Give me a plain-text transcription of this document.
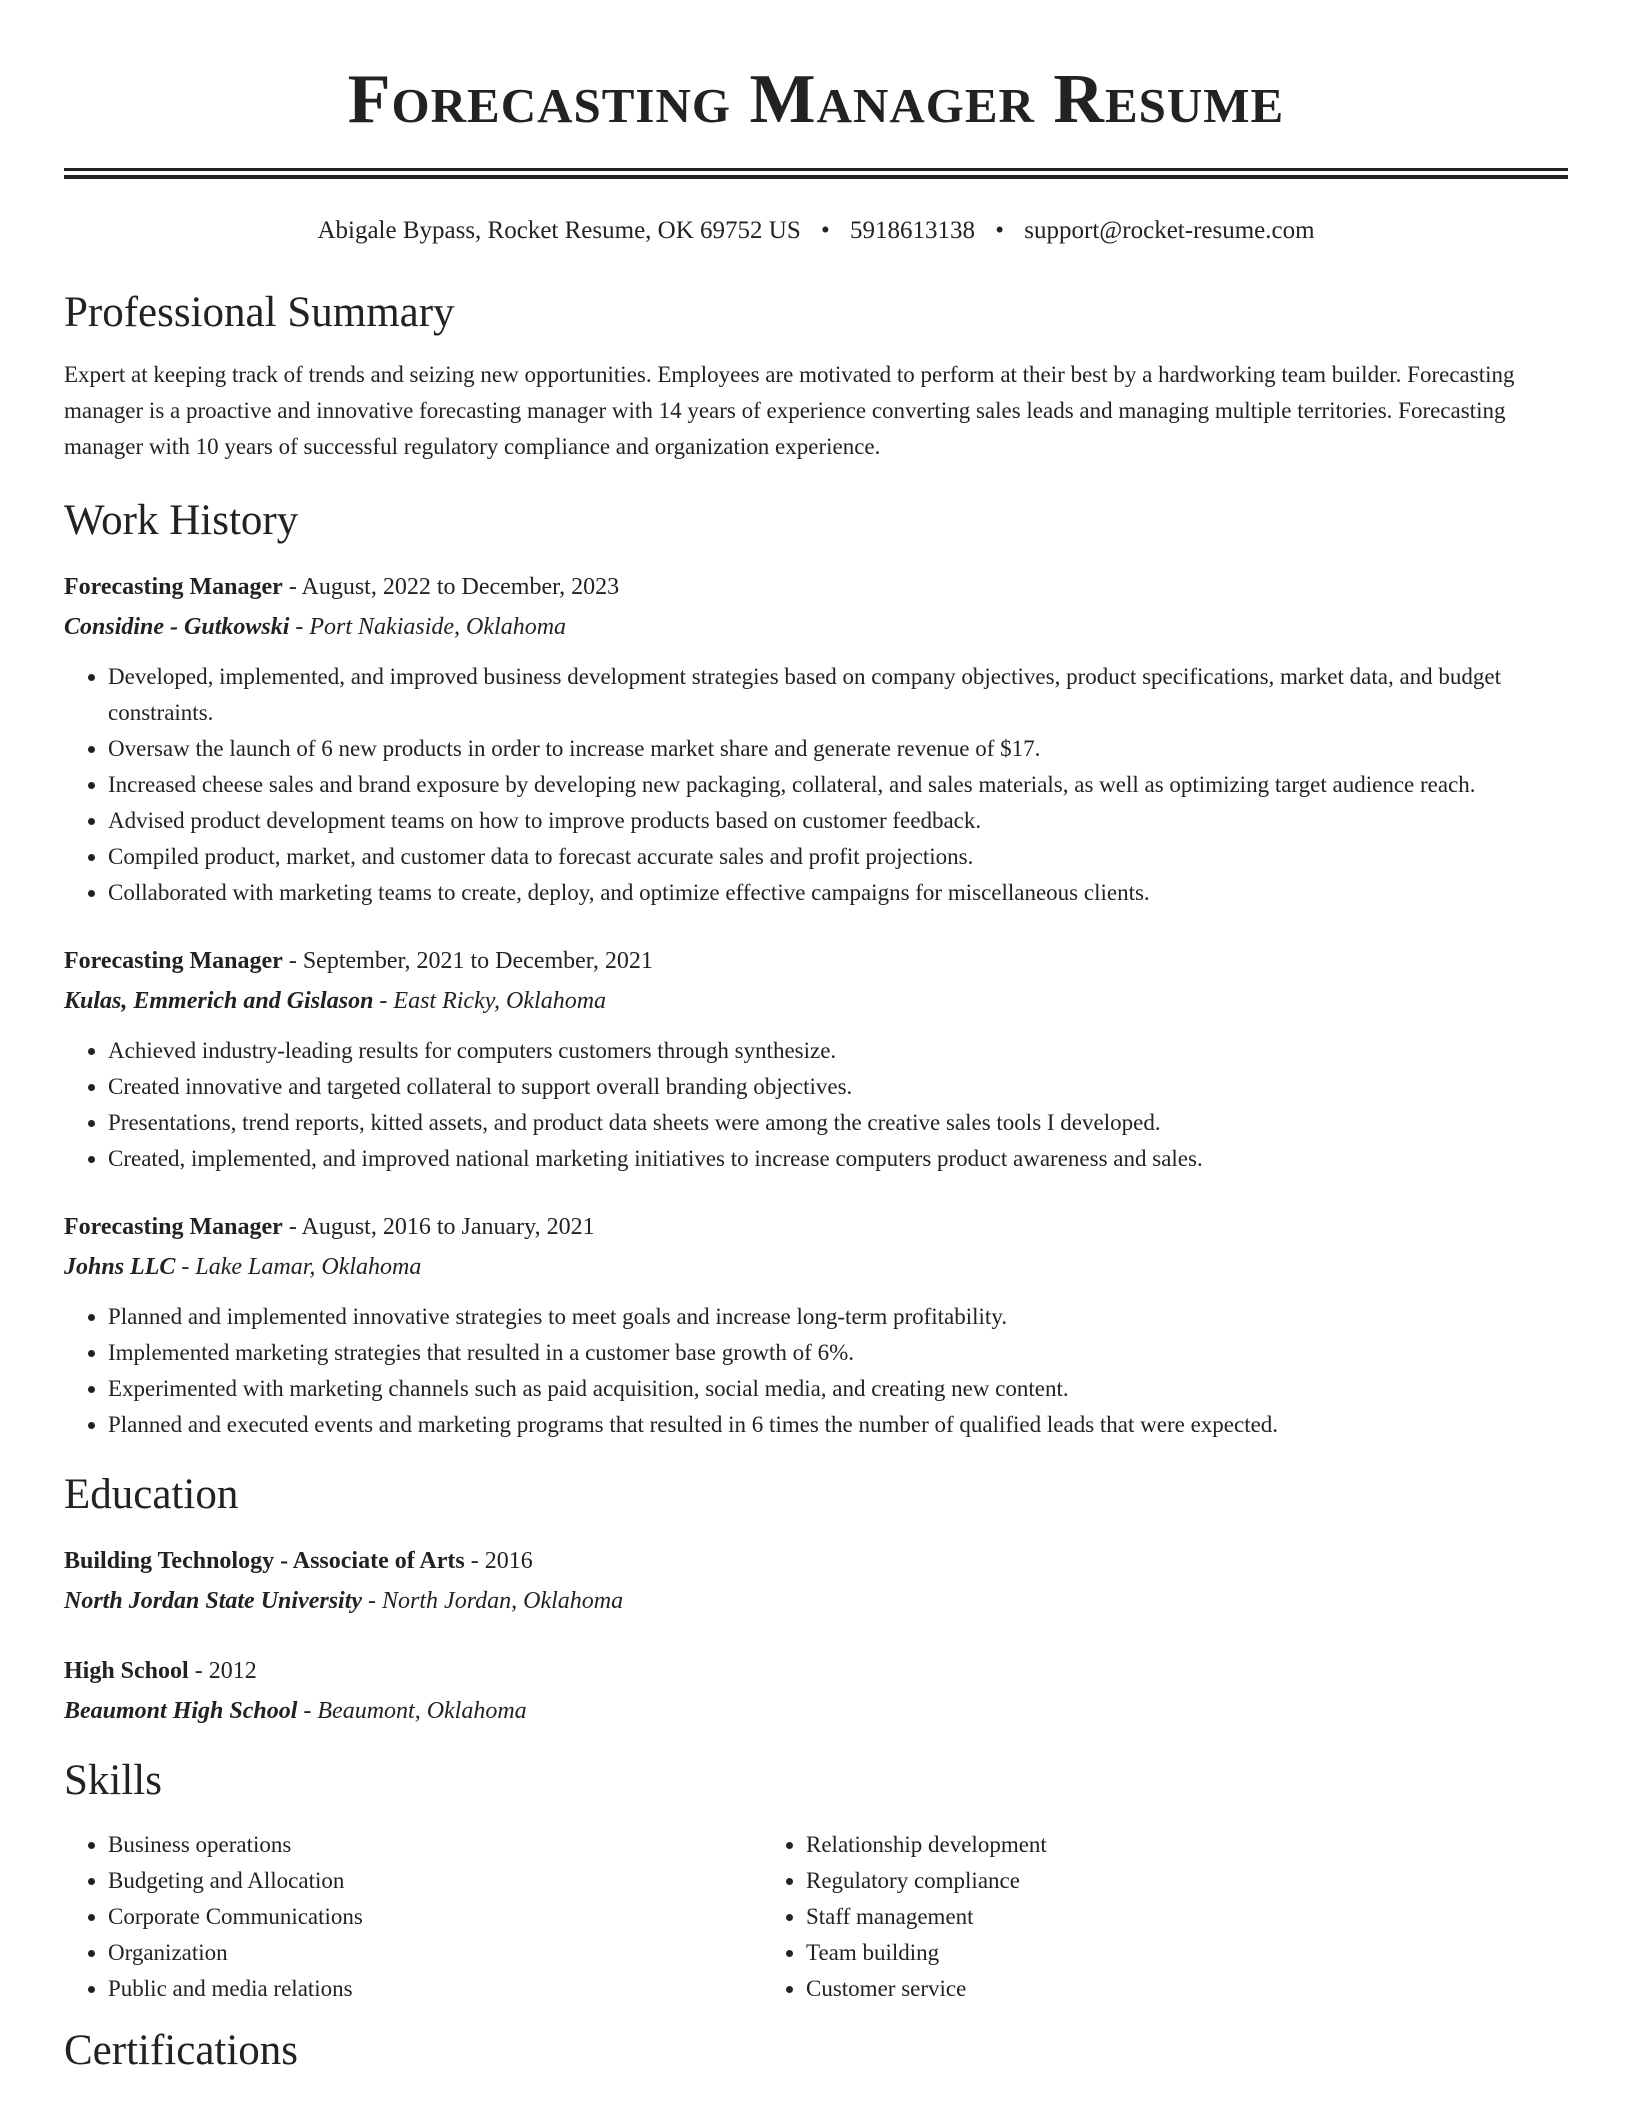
Forecasting Manager Resume
Abigale Bypass, Rocket Resume, OK 69752 US • 5918613138 • support@rocket-resume.com
Professional Summary
Expert at keeping track of trends and seizing new opportunities. Employees are motivated to perform at their best by a hardworking team builder. Forecasting manager is a proactive and innovative forecasting manager with 14 years of experience converting sales leads and managing multiple territories. Forecasting manager with 10 years of successful regulatory compliance and organization experience.
Work History
Forecasting Manager - August, 2022 to December, 2023
Considine - Gutkowski - Port Nakiaside, Oklahoma
• Developed, implemented, and improved business development strategies based on company objectives, product specifications, market data, and budget constraints.
• Oversaw the launch of 6 new products in order to increase market share and generate revenue of $17.
• Increased cheese sales and brand exposure by developing new packaging, collateral, and sales materials, as well as optimizing target audience reach.
• Advised product development teams on how to improve products based on customer feedback.
• Compiled product, market, and customer data to forecast accurate sales and profit projections.
• Collaborated with marketing teams to create, deploy, and optimize effective campaigns for miscellaneous clients.
Forecasting Manager - September, 2021 to December, 2021
Kulas, Emmerich and Gislason - East Ricky, Oklahoma
• Achieved industry-leading results for computers customers through synthesize.
• Created innovative and targeted collateral to support overall branding objectives.
• Presentations, trend reports, kitted assets, and product data sheets were among the creative sales tools I developed.
• Created, implemented, and improved national marketing initiatives to increase computers product awareness and sales.
Forecasting Manager - August, 2016 to January, 2021
Johns LLC - Lake Lamar, Oklahoma
• Planned and implemented innovative strategies to meet goals and increase long-term profitability.
• Implemented marketing strategies that resulted in a customer base growth of 6%.
• Experimented with marketing channels such as paid acquisition, social media, and creating new content.
• Planned and executed events and marketing programs that resulted in 6 times the number of qualified leads that were expected.
Education
Building Technology - Associate of Arts - 2016
North Jordan State University - North Jordan, Oklahoma
High School - 2012
Beaumont High School - Beaumont, Oklahoma
Skills
• Business operations
• Budgeting and Allocation
• Corporate Communications
• Organization
• Public and media relations
• Relationship development
• Regulatory compliance
• Staff management
• Team building
• Customer service
Certifications
